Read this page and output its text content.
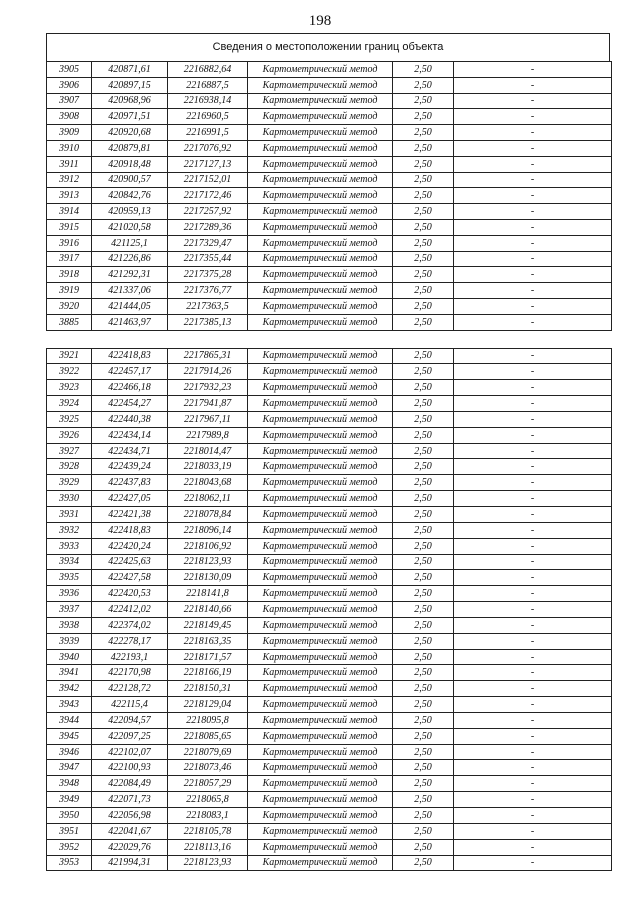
198
Сведения о местоположении границ объекта
3905	420871,61	2216882,64	Картометрический метод	2,50	-
3906	420897,15	2216887,5	Картометрический метод	2,50	-
3907	420968,96	2216938,14	Картометрический метод	2,50	-
3908	420971,51	2216960,5	Картометрический метод	2,50	-
3909	420920,68	2216991,5	Картометрический метод	2,50	-
3910	420879,81	2217076,92	Картометрический метод	2,50	-
3911	420918,48	2217127,13	Картометрический метод	2,50	-
3912	420900,57	2217152,01	Картометрический метод	2,50	-
3913	420842,76	2217172,46	Картометрический метод	2,50	-
3914	420959,13	2217257,92	Картометрический метод	2,50	-
3915	421020,58	2217289,36	Картометрический метод	2,50	-
3916	421125,1	2217329,47	Картометрический метод	2,50	-
3917	421226,86	2217355,44	Картометрический метод	2,50	-
3918	421292,31	2217375,28	Картометрический метод	2,50	-
3919	421337,06	2217376,77	Картометрический метод	2,50	-
3920	421444,05	2217363,5	Картометрический метод	2,50	-
3885	421463,97	2217385,13	Картометрический метод	2,50	-

3921	422418,83	2217865,31	Картометрический метод	2,50	-
3922	422457,17	2217914,26	Картометрический метод	2,50	-
3923	422466,18	2217932,23	Картометрический метод	2,50	-
3924	422454,27	2217941,87	Картометрический метод	2,50	-
3925	422440,38	2217967,11	Картометрический метод	2,50	-
3926	422434,14	2217989,8	Картометрический метод	2,50	-
3927	422434,71	2218014,47	Картометрический метод	2,50	-
3928	422439,24	2218033,19	Картометрический метод	2,50	-
3929	422437,83	2218043,68	Картометрический метод	2,50	-
3930	422427,05	2218062,11	Картометрический метод	2,50	-
3931	422421,38	2218078,84	Картометрический метод	2,50	-
3932	422418,83	2218096,14	Картометрический метод	2,50	-
3933	422420,24	2218106,92	Картометрический метод	2,50	-
3934	422425,63	2218123,93	Картометрический метод	2,50	-
3935	422427,58	2218130,09	Картометрический метод	2,50	-
3936	422420,53	2218141,8	Картометрический метод	2,50	-
3937	422412,02	2218140,66	Картометрический метод	2,50	-
3938	422374,02	2218149,45	Картометрический метод	2,50	-
3939	422278,17	2218163,35	Картометрический метод	2,50	-
3940	422193,1	2218171,57	Картометрический метод	2,50	-
3941	422170,98	2218166,19	Картометрический метод	2,50	-
3942	422128,72	2218150,31	Картометрический метод	2,50	-
3943	422115,4	2218129,04	Картометрический метод	2,50	-
3944	422094,57	2218095,8	Картометрический метод	2,50	-
3945	422097,25	2218085,65	Картометрический метод	2,50	-
3946	422102,07	2218079,69	Картометрический метод	2,50	-
3947	422100,93	2218073,46	Картометрический метод	2,50	-
3948	422084,49	2218057,29	Картометрический метод	2,50	-
3949	422071,73	2218065,8	Картометрический метод	2,50	-
3950	422056,98	2218083,1	Картометрический метод	2,50	-
3951	422041,67	2218105,78	Картометрический метод	2,50	-
3952	422029,76	2218113,16	Картометрический метод	2,50	-
3953	421994,31	2218123,93	Картометрический метод	2,50	-
